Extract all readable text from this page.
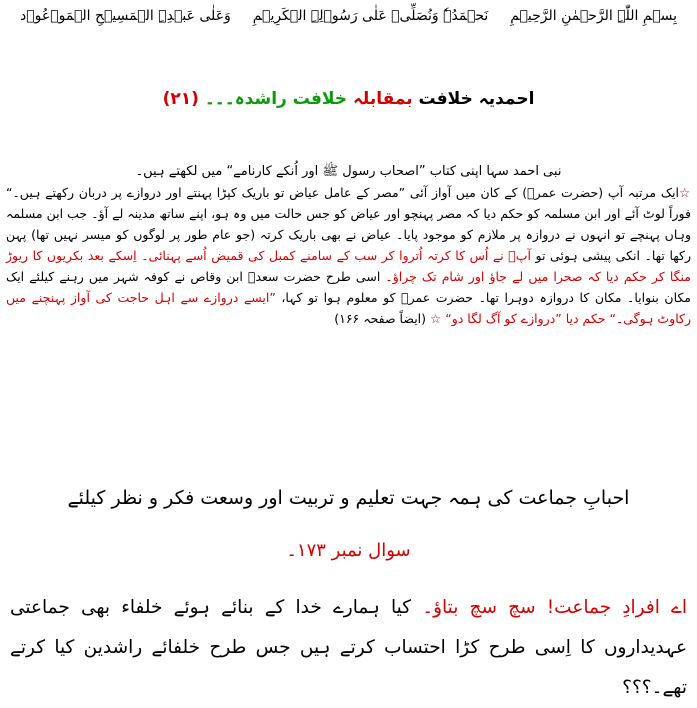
وَعَلٰی عَبۡدِہِ الۡمَسِیۡحِ الۡمَوۡعُوۡد نَحۡمَدُہٗ وَنُصَلِّیۡ عَلٰی رَسُوۡلِہِ الۡکَرِیۡمِ بِسۡمِ اللّٰہِ الرَّحۡمٰنِ الرَّحِیۡمِ
احمدیہ خلافت بمقابلہ خلافت راشدہ۔۔۔ (۲۱)
نبی احمد سہا اپنی کتاب ”اصحاب رسول ﷺ اور اُنکے کارنامے“ میں لکھتے ہیں۔
☆ایک مرتبہ آپ (حضرت عمرؓ) کے کان میں آواز آئی ”مصر کے عامل عیاض تو باریک کپڑا پہنتے اور دروازے پر دربان رکھتے ہیں۔“ فوراً لوٹ آئے اور ابن مسلمہ کو حکم دیا کہ مصر پہنچو اور عیاض کو جس حالت میں وہ ہو، اپنے ساتھ مدینہ لے آؤ۔ جب ابن مسلمہ وہاں پہنچے تو انہوں نے دروازہ پر ملازم کو موجود پایا۔ عیاض نے بھی باریک کرتہ (جو عام طور پر لوگوں کو میسر نہیں تھا) پہن رکھا تھا۔ انکی پیشی ہوئی تو آپؓ نے اُس کا کرتہ اُتروا کر سب کے سامنے کمبل کی قمیض اُسے پہنائی۔ اِسکے بعد بکریوں کا ریوڑ منگا کر حکم دیا کہ صحرا میں لے جاؤ اور شام تک چراؤ۔ اسی طرح حضرت سعدؓ ابن وقاص نے کوفہ شہر میں رہنے کیلئے ایک مکان بنوایا۔ مکان کا دروازہ دوہرا تھا۔ حضرت عمرؓ کو معلوم ہوا تو کہا، ”ایسے دروازے سے اہل حاجت کی آواز پہنچنے میں رکاوٹ ہوگی۔“ حکم دیا ”دروازے کو آگ لگا دو“ ☆ (ایضاً صفحہ ۱۶۶)
احبابِ جماعت کی ہمہ جہت تعلیم و تربیت اور وسعت فکر و نظر کیلئے
سوال نمبر ۱۷۳۔
اے افرادِ جماعت! سچ سچ بتاؤ۔ کیا ہمارے خدا کے بنائے ہوئے خلفاء بھی جماعتی عہدیداروں کا اِسی طرح کڑا احتساب کرتے ہیں جس طرح خلفائے راشدین کیا کرتے تھے۔؟؟؟
